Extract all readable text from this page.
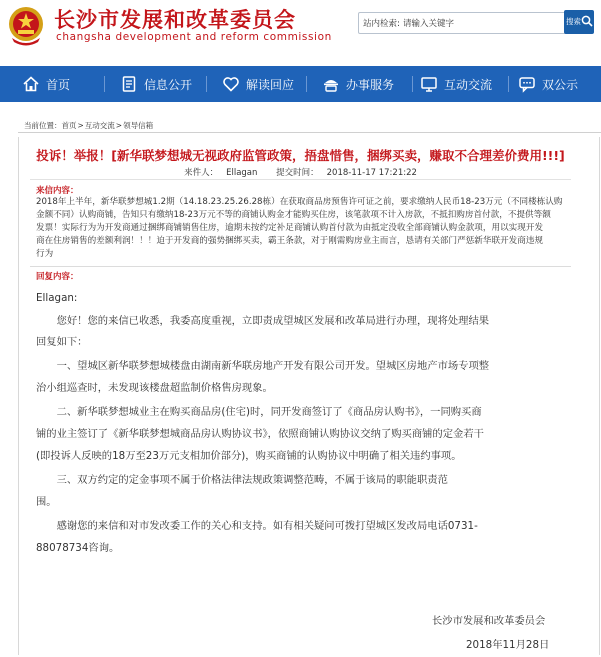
长沙市发展和改革委员会
changsha development and reform commission
站内检索: 请输入关键字	搜索
首页	信息公开	解读回应	办事服务	互动交流	双公示
当前位置：首页>互动交流>领导信箱
投诉！举报！[新华联梦想城无视政府监管政策，捂盘惜售，捆绑买卖，赚取不合理差价费用!!!]
来件人： Ellagan 提交时间： 2018-11-17 17:21:22
来信内容：
2018年上半年，新华联梦想城1.2期（14.18.23.25.26.28栋）在获取商品房预售许可证之前，要求缴纳人民币18-23万元（不同楼栋认购
金额不同）认购商铺，告知只有缴纳18-23万元不等的商铺认购金才能购买住房，该笔款项不计入房款，不抵扣购房首付款，不提供等额
发票！实际行为为开发商通过捆绑商铺销售住房，逾期未按约定补足商铺认购首付款为由抵定没收全部商铺认购金款项，用以实现开发
商在住房销售的差额利润！！！迫于开发商的强势捆绑买卖，霸王条款，对于刚需购房业主而言，恳请有关部门严惩新华联开发商违规
行为
回复内容：
Ellagan:
　　您好！您的来信已收悉，我委高度重视，立即责成望城区发展和改革局进行办理，现将处理结果
回复如下：
　　一、望城区新华联梦想城楼盘由湖南新华联房地产开发有限公司开发。望城区房地产市场专项整
治小组巡查时，未发现该楼盘超监制价格售房现象。
　　二、新华联梦想城业主在购买商品房(住宅)时，同开发商签订了《商品房认购书》，一同购买商
铺的业主签订了《新华联梦想城商品房认购协议书》，依照商铺认购协议交纳了购买商铺的定金若干
(即投诉人反映的18万至23万元支相加价部分)，购买商铺的认购协议中明确了相关违约事项。
　　三、双方约定的定金事项不属于价格法律法规政策调整范畴，不属于该局的职能职责范
围。
　　感谢您的来信和对市发改委工作的关心和支持。如有相关疑问可拨打望城区发改局电话0731-
88078734咨询。
长沙市发展和改革委员会
2018年11月28日
